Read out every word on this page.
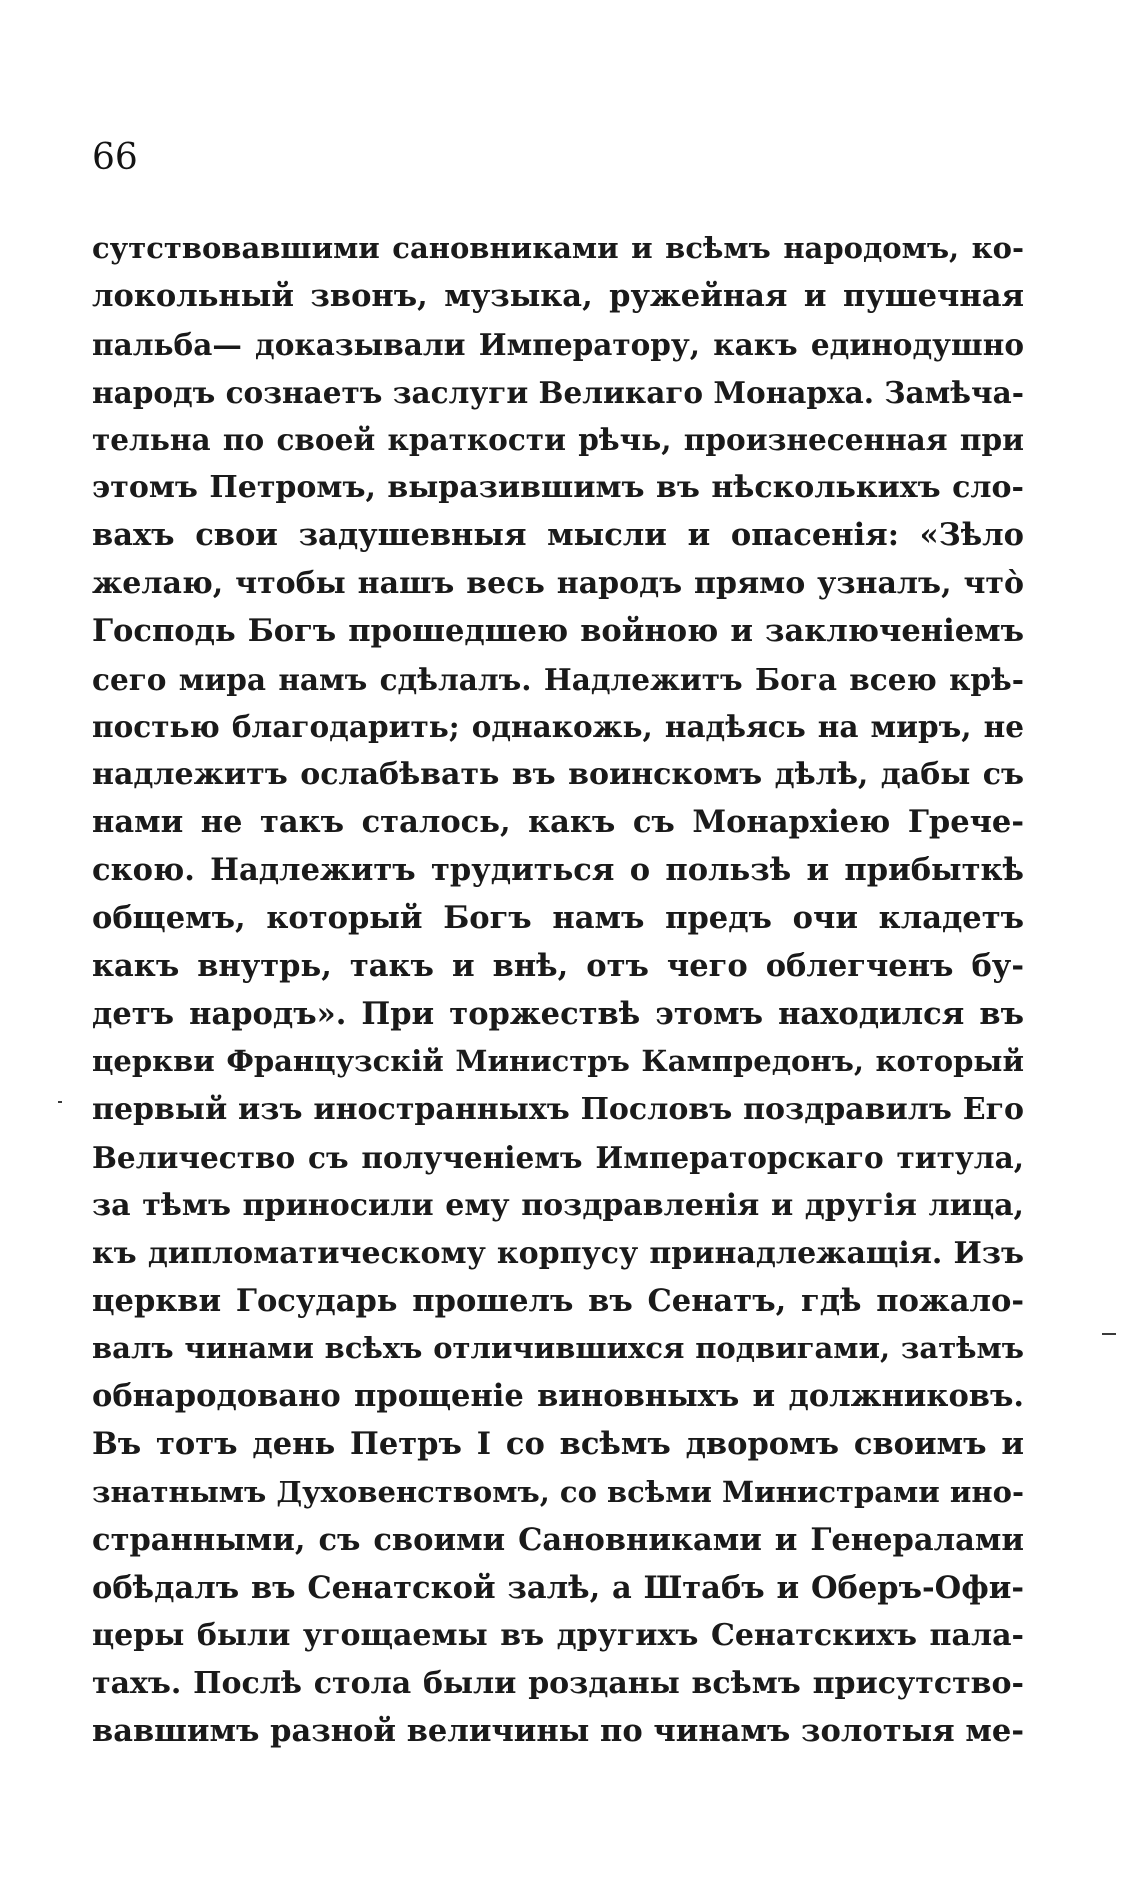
66
сутствовавшими сановниками и всѣмъ народомъ, ко-
локольный звонъ, музыка, ружейная и пушечная
пальба— доказывали Императору, какъ единодушно
народъ сознаетъ заслуги Великаго Монарха. Замѣча-
тельна по своей краткости рѣчь, произнесенная при
этомъ Петромъ, выразившимъ въ нѣсколькихъ сло-
вахъ свои задушевныя мысли и опасенія: «Зѣло
желаю, чтобы нашъ весь народъ прямо узналъ, чтò
Господь Богъ прошедшею войною и заключеніемъ
сего мира намъ сдѣлалъ. Надлежитъ Бога всею крѣ-
постью благодарить; однакожь, надѣясь на миръ, не
надлежитъ ослабѣвать въ воинскомъ дѣлѣ, дабы съ
нами не такъ сталось, какъ съ Монархіею Грече-
скою. Надлежитъ трудиться о пользѣ и прибыткѣ
общемъ, который Богъ намъ предъ очи кладетъ
какъ внутрь, такъ и внѣ, отъ чего облегченъ бу-
детъ народъ». При торжествѣ этомъ находился въ
церкви Французскій Министръ Кампредонъ, который
первый изъ иностранныхъ Пословъ поздравилъ Его
Величество съ полученіемъ Императорскаго титула,
за тѣмъ приносили ему поздравленія и другія лица,
къ дипломатическому корпусу принадлежащія. Изъ
церкви Государь прошелъ въ Сенатъ, гдѣ пожало-
валъ чинами всѣхъ отличившихся подвигами, затѣмъ
обнародовано прощеніе виновныхъ и должниковъ.
Въ тотъ день Петръ I со всѣмъ дворомъ своимъ и
знатнымъ Духовенствомъ, со всѣми Министрами ино-
странными, съ своими Сановниками и Генералами
обѣдалъ въ Сенатской залѣ, а Штабъ и Оберъ-Офи-
церы были угощаемы въ другихъ Сенатскихъ пала-
тахъ. Послѣ стола были розданы всѣмъ присутство-
вавшимъ разной величины по чинамъ золотыя ме-
